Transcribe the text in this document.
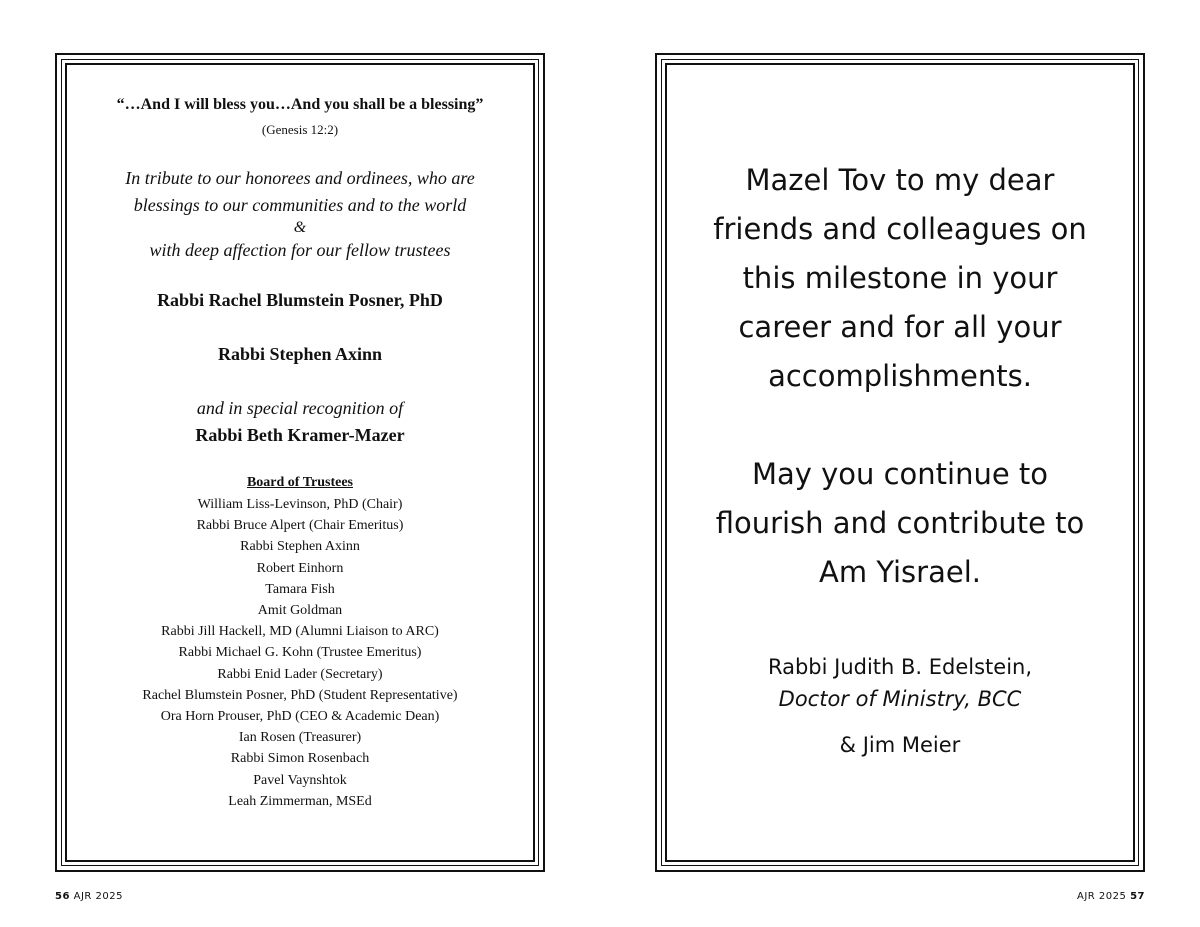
“…And I will bless you…And you shall be a blessing”
(Genesis 12:2)
In tribute to our honorees and ordinees, who are
blessings to our communities and to the world
&
with deep affection for our fellow trustees
Rabbi Rachel Blumstein Posner, PhD
Rabbi Stephen Axinn
and in special recognition of
Rabbi Beth Kramer-Mazer
Board of Trustees
William Liss-Levinson, PhD (Chair)
Rabbi Bruce Alpert (Chair Emeritus)
Rabbi Stephen Axinn
Robert Einhorn
Tamara Fish
Amit Goldman
Rabbi Jill Hackell, MD (Alumni Liaison to ARC)
Rabbi Michael G. Kohn (Trustee Emeritus)
Rabbi Enid Lader (Secretary)
Rachel Blumstein Posner, PhD (Student Representative)
Ora Horn Prouser, PhD (CEO & Academic Dean)
Ian Rosen (Treasurer)
Rabbi Simon Rosenbach
Pavel Vaynshtok
Leah Zimmerman, MSEd
Mazel Tov to my dear
friends and colleagues on
this milestone in your
career and for all your
accomplishments.
May you continue to
flourish and contribute to
Am Yisrael.
Rabbi Judith B. Edelstein,
Doctor of Ministry, BCC
& Jim Meier
56 AJR 2025	AJR 2025 57
